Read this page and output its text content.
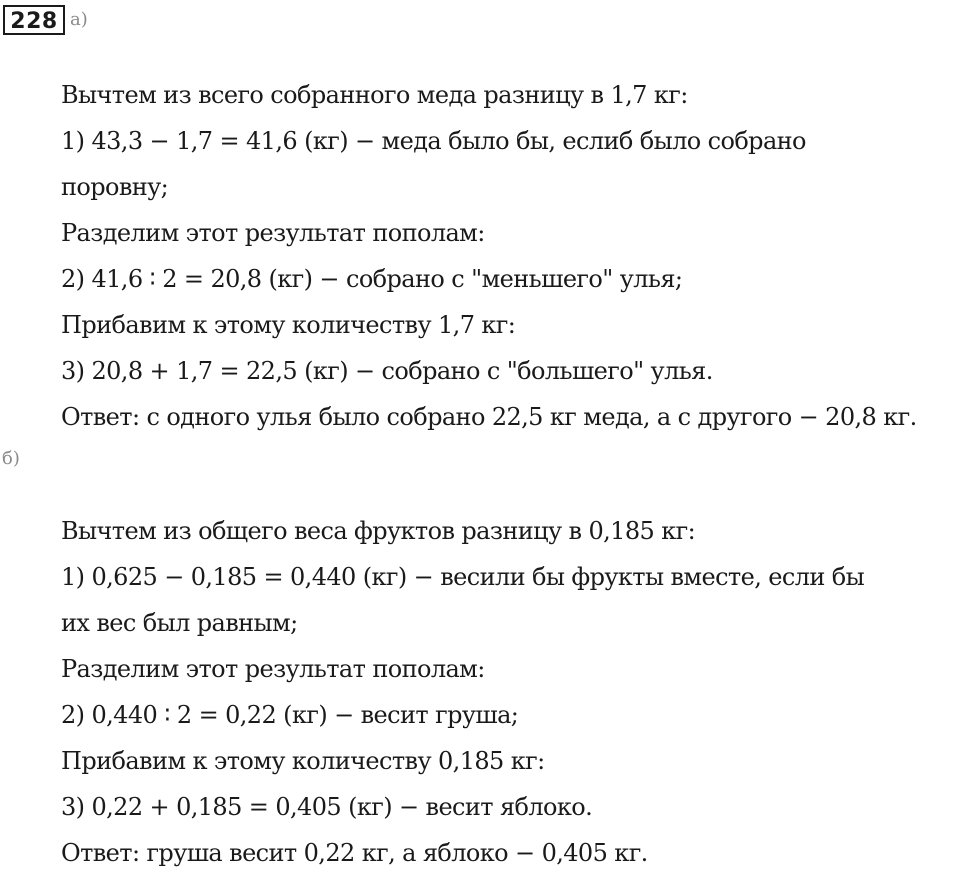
228 а)
Вычтем из всего собранного меда разницу в 1,7 кг:
1) 43,3 − 1,7 = 41,6 (кг) − меда было бы, еслиб было собрано
поровну;
Разделим этот результат пополам:
2) 41,6 ∶ 2 = 20,8 (кг) − собрано с "меньшего" улья;
Прибавим к этому количеству 1,7 кг:
3) 20,8 + 1,7 = 22,5 (кг) − собрано с "большего" улья.
Ответ: с одного улья было собрано 22,5 кг меда, а с другого − 20,8 кг.
б)
Вычтем из общего веса фруктов разницу в 0,185 кг:
1) 0,625 − 0,185 = 0,440 (кг) − весили бы фрукты вместе, если бы
их вес был равным;
Разделим этот результат пополам:
2) 0,440 ∶ 2 = 0,22 (кг) − весит груша;
Прибавим к этому количеству 0,185 кг:
3) 0,22 + 0,185 = 0,405 (кг) − весит яблоко.
Ответ: груша весит 0,22 кг, а яблоко − 0,405 кг.
